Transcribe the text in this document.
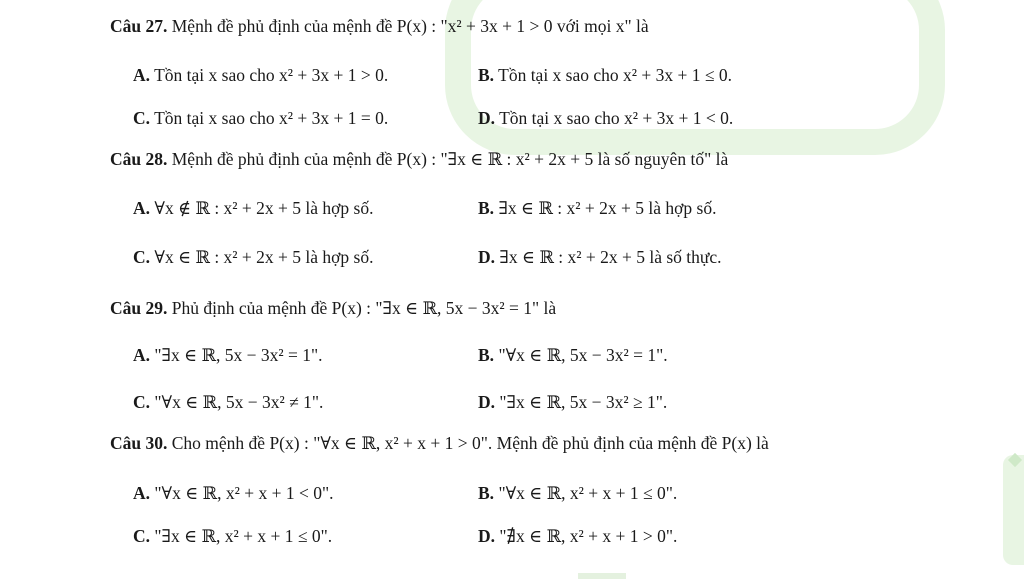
Câu 27. Mệnh đề phủ định của mệnh đề P(x) : "x² + 3x + 1 > 0 với mọi x" là
A. Tồn tại x sao cho x² + 3x + 1 > 0.	B. Tồn tại x sao cho x² + 3x + 1 ≤ 0.
C. Tồn tại x sao cho x² + 3x + 1 = 0.	D. Tồn tại x sao cho x² + 3x + 1 < 0.
Câu 28. Mệnh đề phủ định của mệnh đề P(x) : "∃x ∈ ℝ : x² + 2x + 5 là số nguyên tố" là
A. ∀x ∉ ℝ : x² + 2x + 5 là hợp số.	B. ∃x ∈ ℝ : x² + 2x + 5 là hợp số.
C. ∀x ∈ ℝ : x² + 2x + 5 là hợp số.	D. ∃x ∈ ℝ : x² + 2x + 5 là số thực.
Câu 29. Phủ định của mệnh đề P(x) : "∃x ∈ ℝ, 5x − 3x² = 1" là
A. "∃x ∈ ℝ, 5x − 3x² = 1".	B. "∀x ∈ ℝ, 5x − 3x² = 1".
C. "∀x ∈ ℝ, 5x − 3x² ≠ 1".	D. "∃x ∈ ℝ, 5x − 3x² ≥ 1".
Câu 30. Cho mệnh đề P(x) : "∀x ∈ ℝ, x² + x + 1 > 0". Mệnh đề phủ định của mệnh đề P(x) là
A. "∀x ∈ ℝ, x² + x + 1 < 0".	B. "∀x ∈ ℝ, x² + x + 1 ≤ 0".
C. "∃x ∈ ℝ, x² + x + 1 ≤ 0".	D. "∄x ∈ ℝ, x² + x + 1 > 0".
